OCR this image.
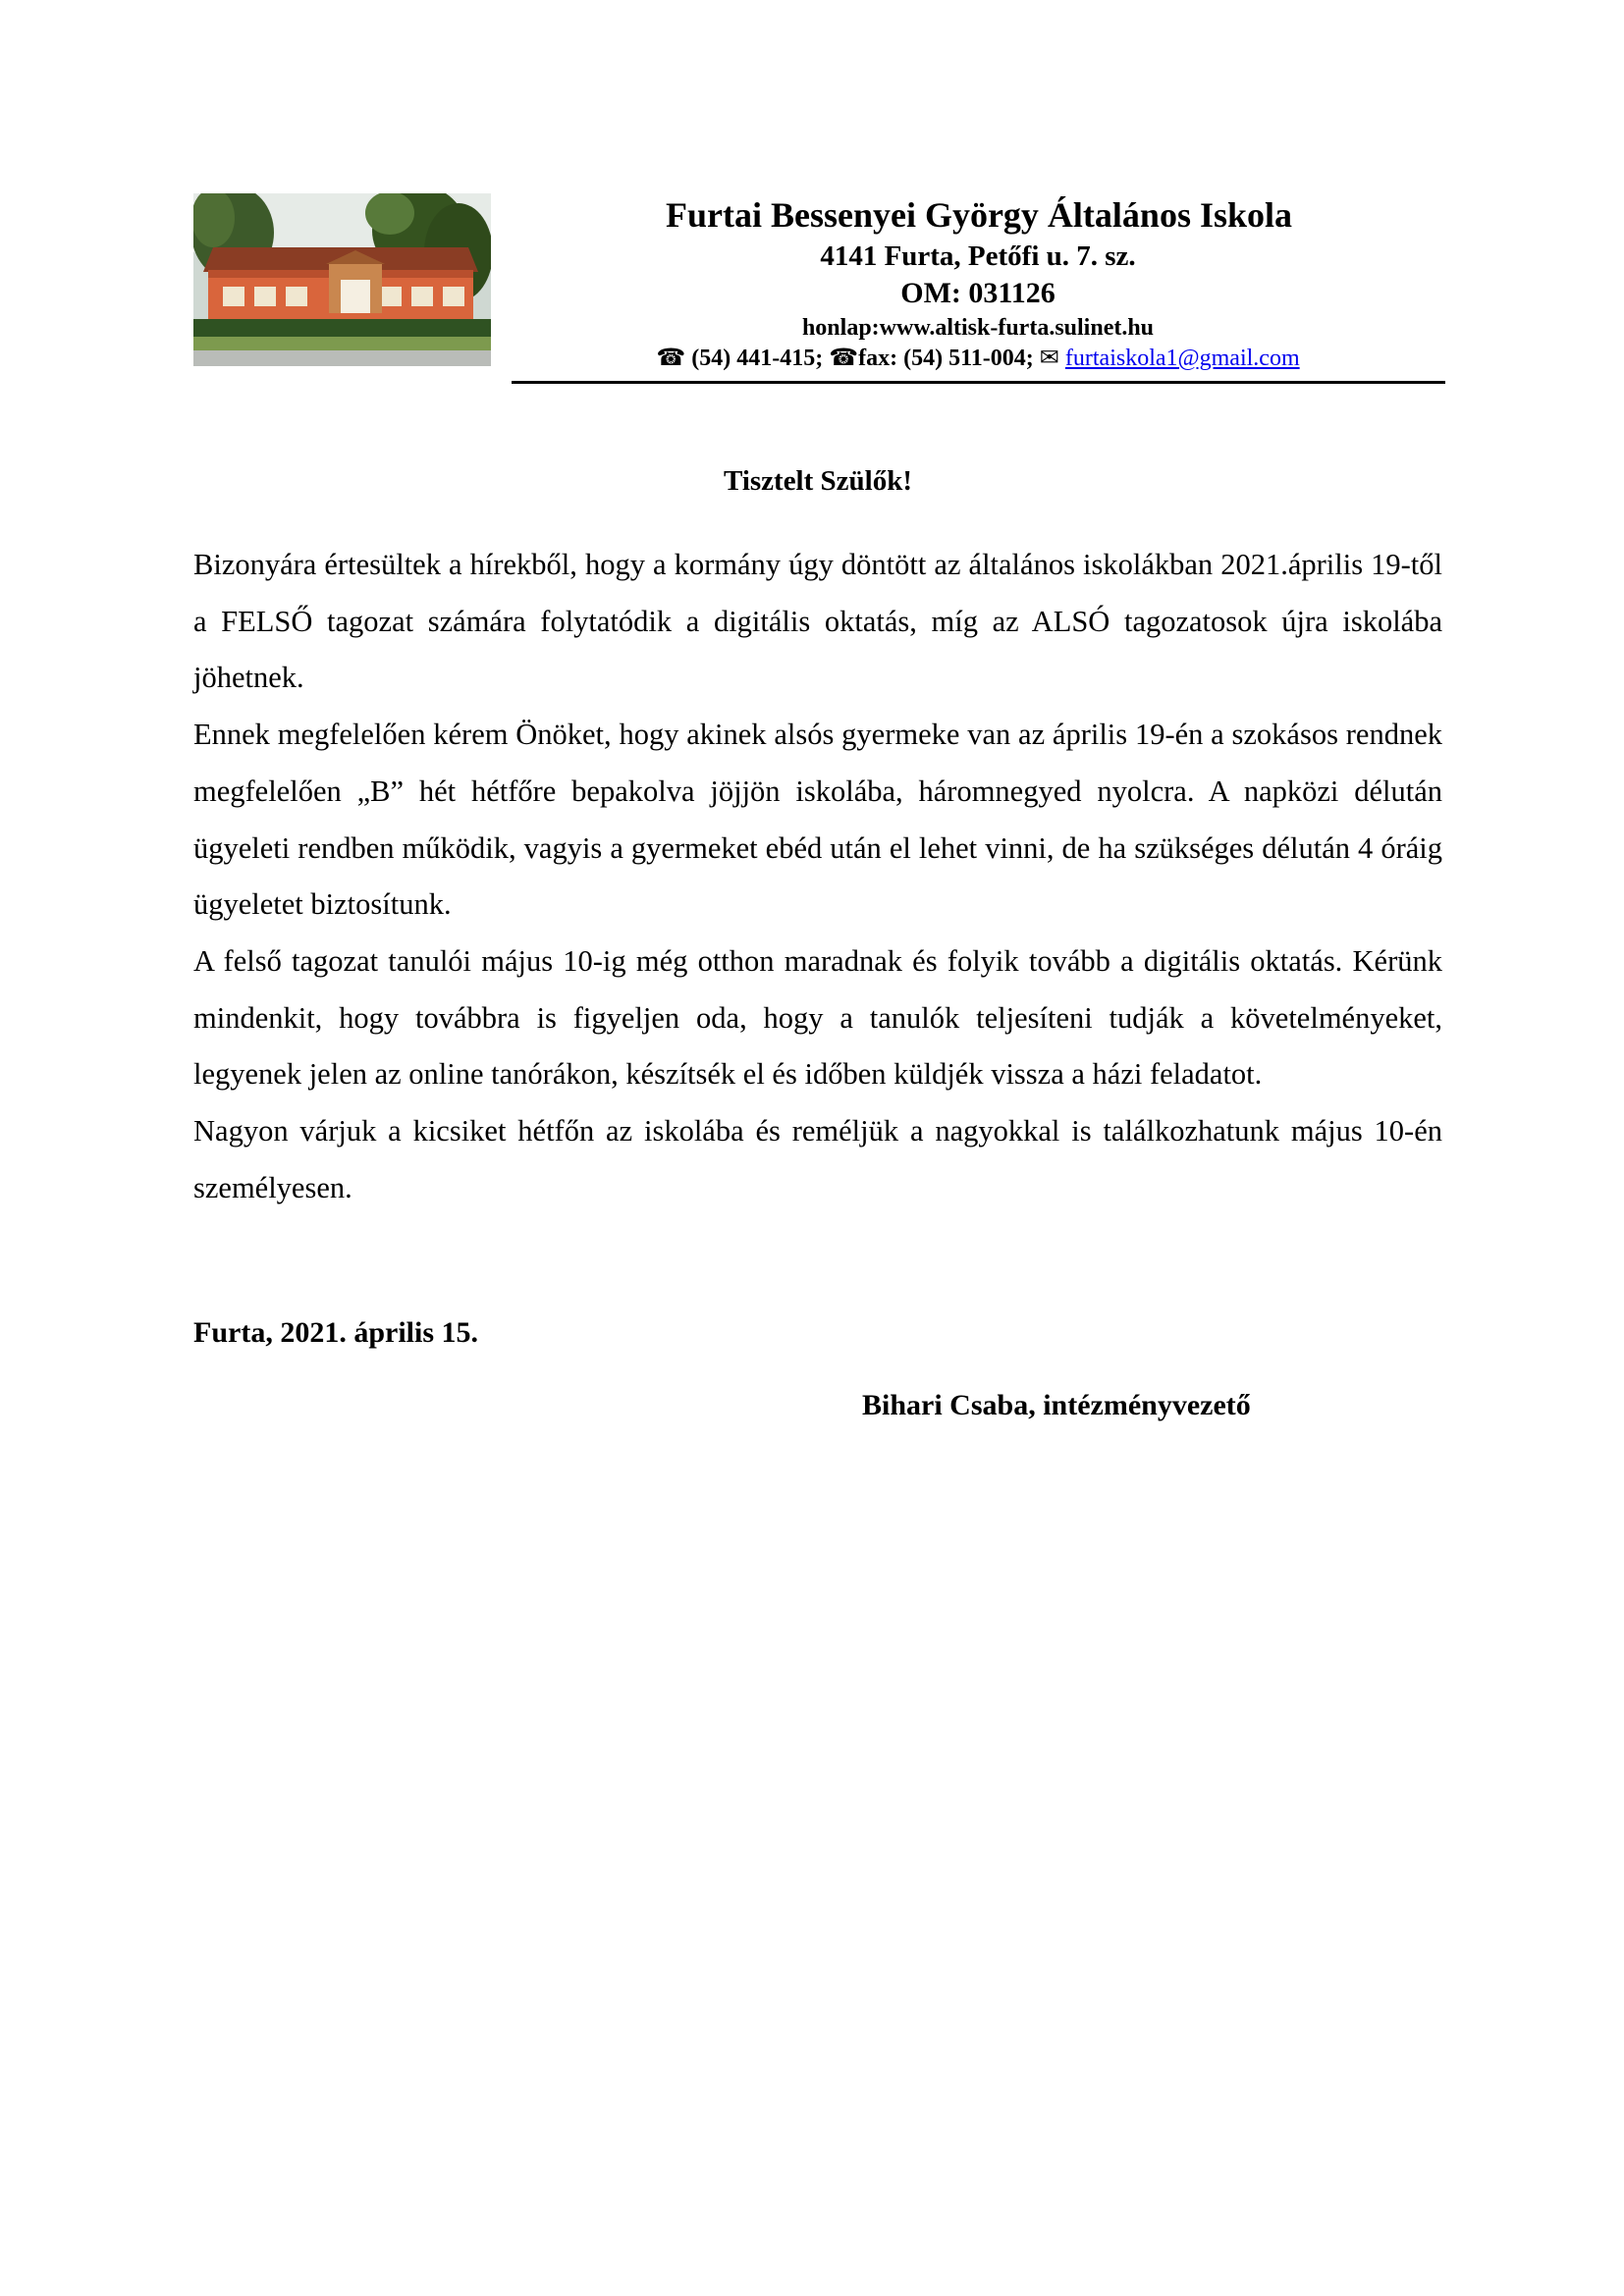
Furtai Bessenyei György Általános Iskola
4141 Furta, Petőfi u. 7. sz.
OM: 031126
honlap:www.altisk-furta.sulinet.hu
☎ (54) 441-415; ☎fax: (54) 511-004; ✉ furtaiskola1@gmail.com
Tisztelt Szülők!

Bizonyára értesültek a hírekből, hogy a kormány úgy döntött az általános iskolákban 2021.április 19-től a FELSŐ tagozat számára folytatódik a digitális oktatás, míg az ALSÓ tagozatosok újra iskolába jöhetnek.

Ennek megfelelően kérem Önöket, hogy akinek alsós gyermeke van az április 19-én a szokásos rendnek megfelelően „B” hét hétfőre bepakolva jöjjön iskolába, háromnegyed nyolcra. A napközi délután ügyeleti rendben működik, vagyis a gyermeket ebéd után el lehet vinni, de ha szükséges délután 4 óráig ügyeletet biztosítunk.

A felső tagozat tanulói május 10-ig még otthon maradnak és folyik tovább a digitális oktatás. Kérünk mindenkit, hogy továbbra is figyeljen oda, hogy a tanulók teljesíteni tudják a követelményeket, legyenek jelen az online tanórákon, készítsék el és időben küldjék vissza a házi feladatot.

Nagyon várjuk a kicsiket hétfőn az iskolába és reméljük a nagyokkal is találkozhatunk május 10-én személyesen.

Furta, 2021. április 15.
Bihari Csaba, intézményvezető
